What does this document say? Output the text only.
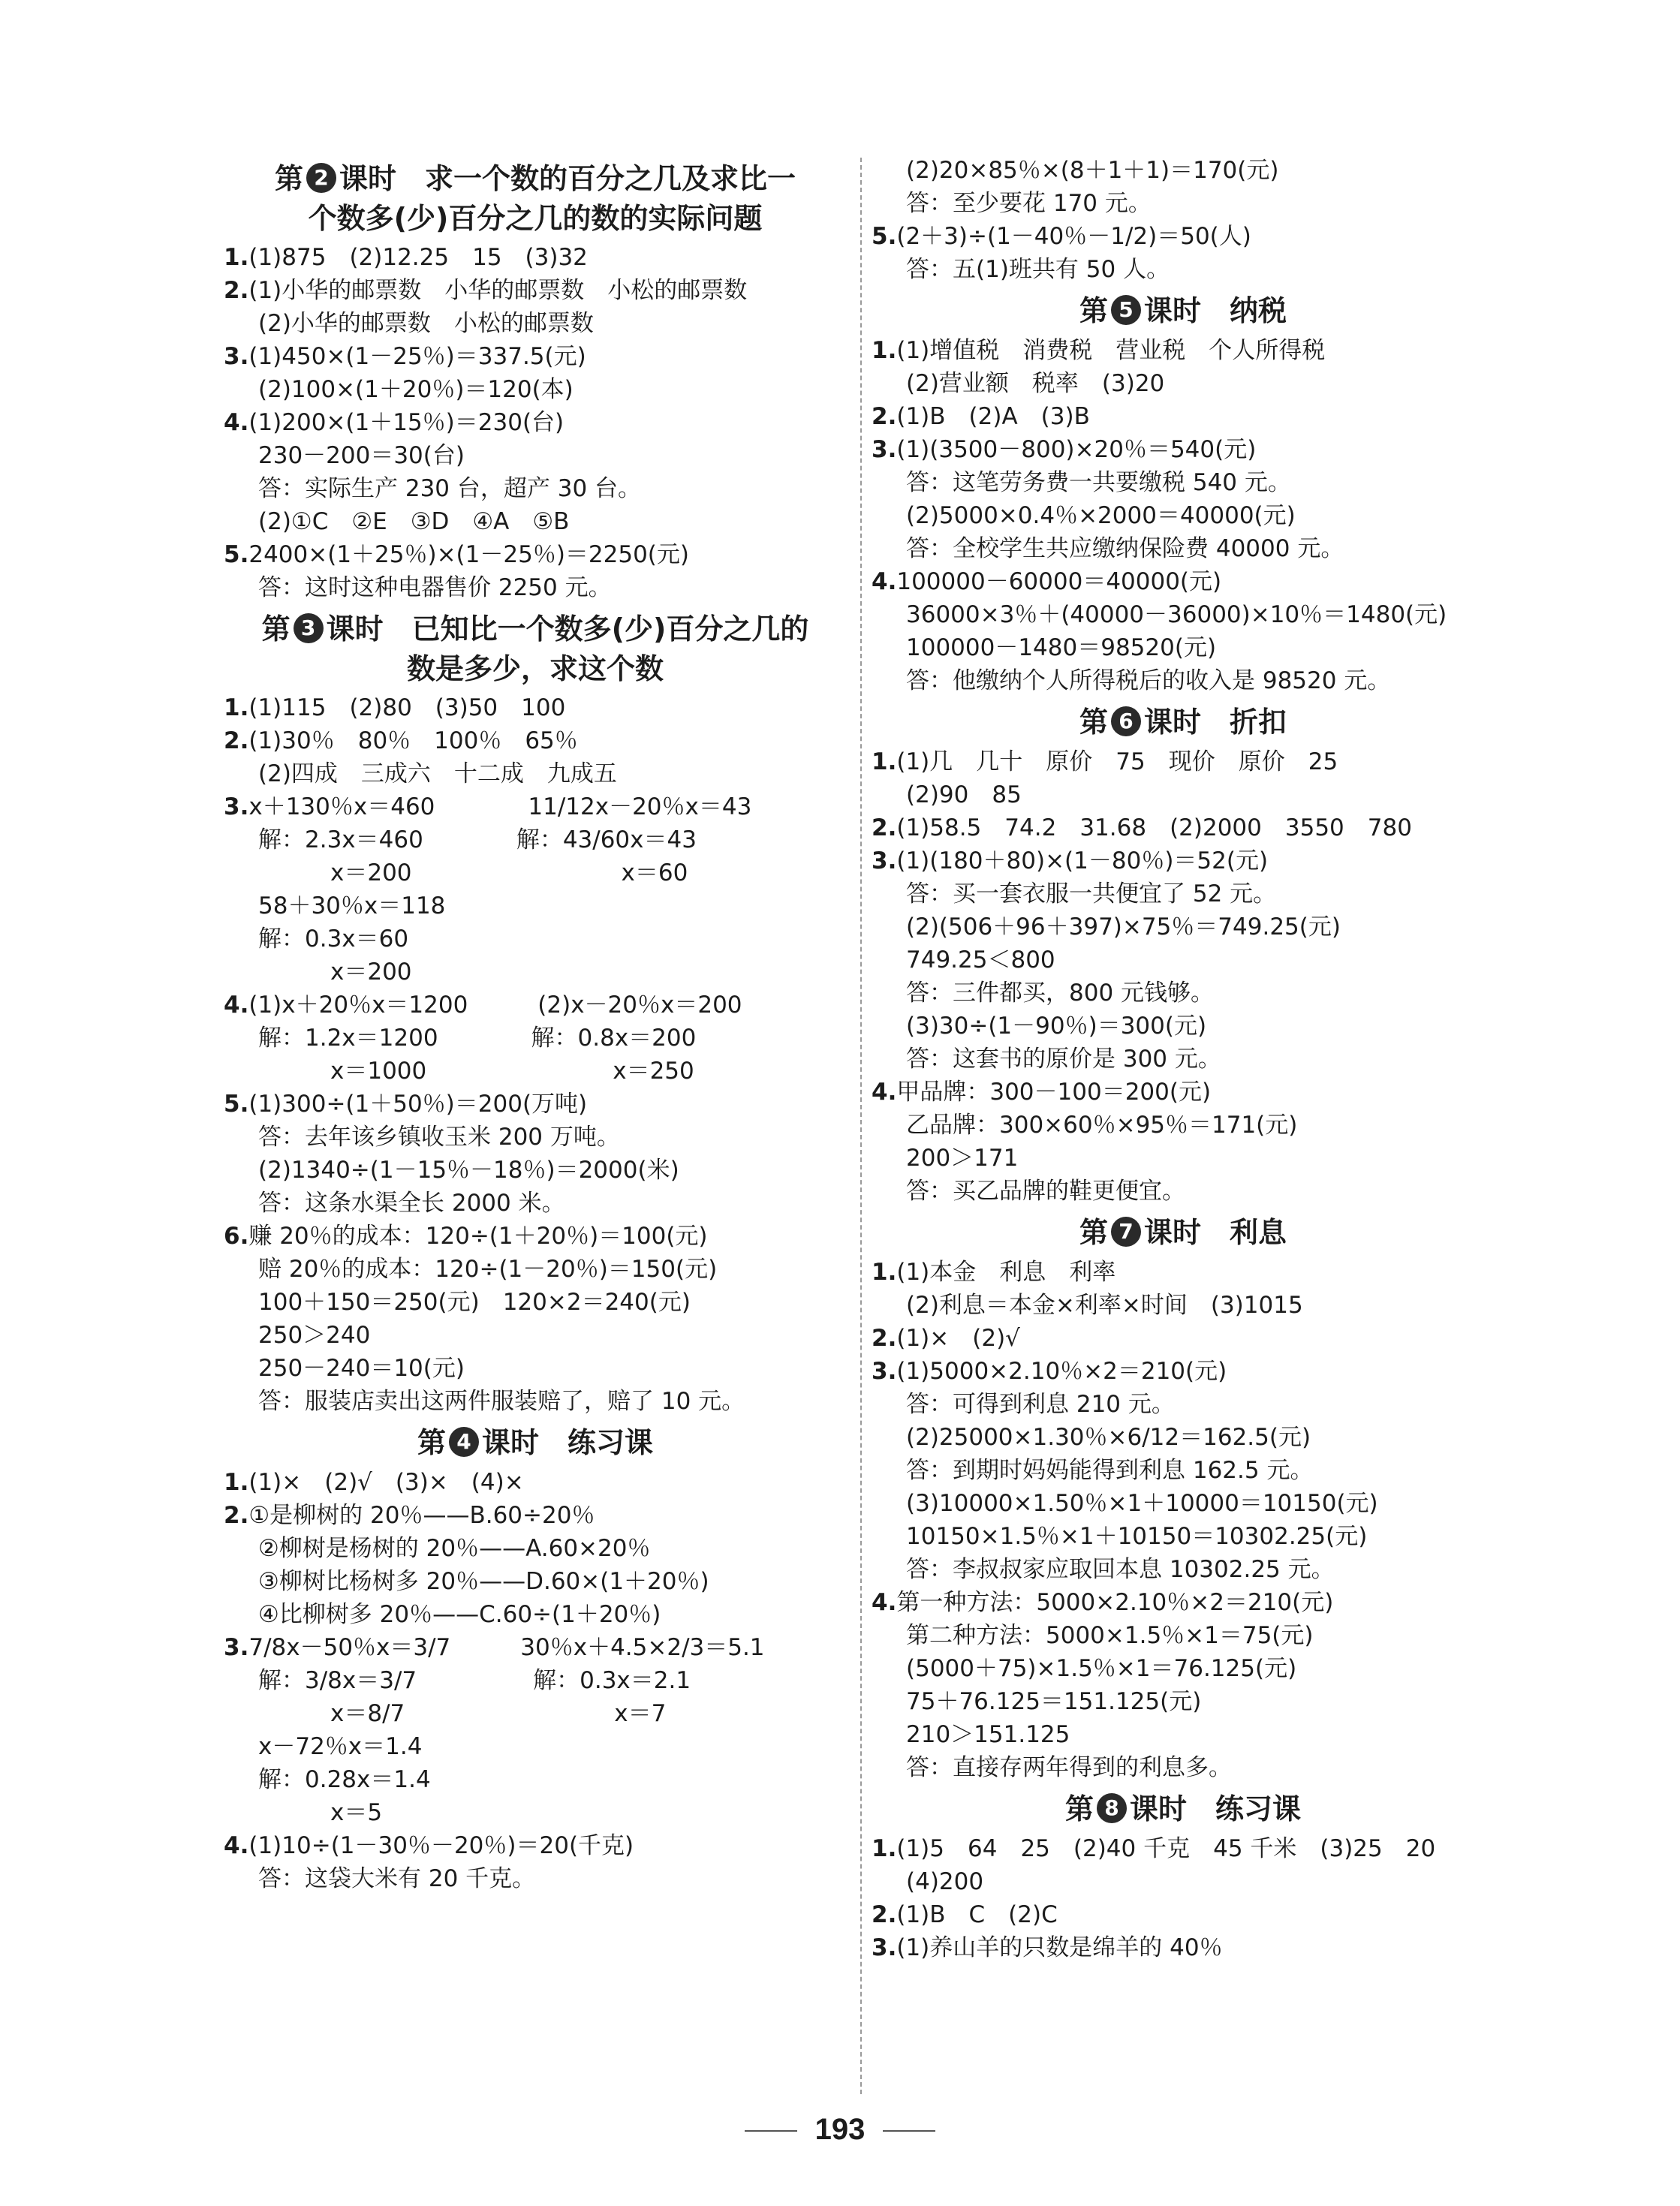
第 2 课时　求一个数的百分之几及求比一
个数多(少)百分之几的数的实际问题
1.(1)875　(2)12.25　15　(3)32
2.(1)小华的邮票数　小华的邮票数　小松的邮票数
(2)小华的邮票数　小松的邮票数
3.(1)450×(1－25％)＝337.5(元)
(2)100×(1＋20％)＝120(本)
4.(1)200×(1＋15％)＝230(台)
230－200＝30(台)
答：实际生产 230 台，超产 30 台。
(2)①C　②E　③D　④A　⑤B
5.2400×(1＋25％)×(1－25％)＝2250(元)
答：这时这种电器售价 2250 元。
第 3 课时　已知比一个数多(少)百分之几的
数是多少，求这个数
1.(1)115　(2)80　(3)50　100
2.(1)30％　80％　100％　65％
(2)四成　三成六　十二成　九成五
3.x＋130％x＝460　　　　11/12x－20％x＝43
解：2.3x＝460　　　　解：43/60x＝43
x＝200　　　　　　　　　x＝60
58＋30％x＝118
解：0.3x＝60
x＝200
4.(1)x＋20％x＝1200　　　(2)x－20％x＝200
解：1.2x＝1200　　　　解：0.8x＝200
x＝1000　　　　　　　　x＝250
5.(1)300÷(1＋50％)＝200(万吨)
答：去年该乡镇收玉米 200 万吨。
(2)1340÷(1－15％－18％)＝2000(米)
答：这条水渠全长 2000 米。
6.赚 20％的成本：120÷(1＋20％)＝100(元)
赔 20％的成本：120÷(1－20％)＝150(元)
100＋150＝250(元)　120×2＝240(元)
250＞240
250－240＝10(元)
答：服装店卖出这两件服装赔了，赔了 10 元。
第 4 课时　练习课
1.(1)×　(2)√　(3)×　(4)×
2.①是柳树的 20％——B.60÷20％
②柳树是杨树的 20％——A.60×20％
③柳树比杨树多 20％——D.60×(1＋20％)
④比柳树多 20％——C.60÷(1＋20％)
3.7/8x－50％x＝3/7　　　30％x＋4.5×2/3＝5.1
解：3/8x＝3/7　　　　　解：0.3x＝2.1
x＝8/7　　　　　　　　　x＝7
x－72％x＝1.4
解：0.28x＝1.4
x＝5
4.(1)10÷(1－30％－20％)＝20(千克)
答：这袋大米有 20 千克。
(2)20×85％×(8＋1＋1)＝170(元)
答：至少要花 170 元。
5.(2＋3)÷(1－40％－1/2)＝50(人)
答：五(1)班共有 50 人。
第 5 课时　纳税
1.(1)增值税　消费税　营业税　个人所得税
(2)营业额　税率　(3)20
2.(1)B　(2)A　(3)B
3.(1)(3500－800)×20％＝540(元)
答：这笔劳务费一共要缴税 540 元。
(2)5000×0.4％×2000＝40000(元)
答：全校学生共应缴纳保险费 40000 元。
4.100000－60000＝40000(元)
36000×3％＋(40000－36000)×10％＝1480(元)
100000－1480＝98520(元)
答：他缴纳个人所得税后的收入是 98520 元。
第 6 课时　折扣
1.(1)几　几十　原价　75　现价　原价　25
(2)90　85
2.(1)58.5　74.2　31.68　(2)2000　3550　780
3.(1)(180＋80)×(1－80％)＝52(元)
答：买一套衣服一共便宜了 52 元。
(2)(506＋96＋397)×75％＝749.25(元)
749.25＜800
答：三件都买，800 元钱够。
(3)30÷(1－90％)＝300(元)
答：这套书的原价是 300 元。
4.甲品牌：300－100＝200(元)
乙品牌：300×60％×95％＝171(元)
200＞171
答：买乙品牌的鞋更便宜。
第 7 课时　利息
1.(1)本金　利息　利率
(2)利息＝本金×利率×时间　(3)1015
2.(1)×　(2)√
3.(1)5000×2.10％×2＝210(元)
答：可得到利息 210 元。
(2)25000×1.30％×6/12＝162.5(元)
答：到期时妈妈能得到利息 162.5 元。
(3)10000×1.50％×1＋10000＝10150(元)
10150×1.5％×1＋10150＝10302.25(元)
答：李叔叔家应取回本息 10302.25 元。
4.第一种方法：5000×2.10％×2＝210(元)
第二种方法：5000×1.5％×1＝75(元)
(5000＋75)×1.5％×1＝76.125(元)
75＋76.125＝151.125(元)
210＞151.125
答：直接存两年得到的利息多。
第 8 课时　练习课
1.(1)5　64　25　(2)40 千克　45 千米　(3)25　20
(4)200
2.(1)B　C　(2)C
3.(1)养山羊的只数是绵羊的 40％
193
